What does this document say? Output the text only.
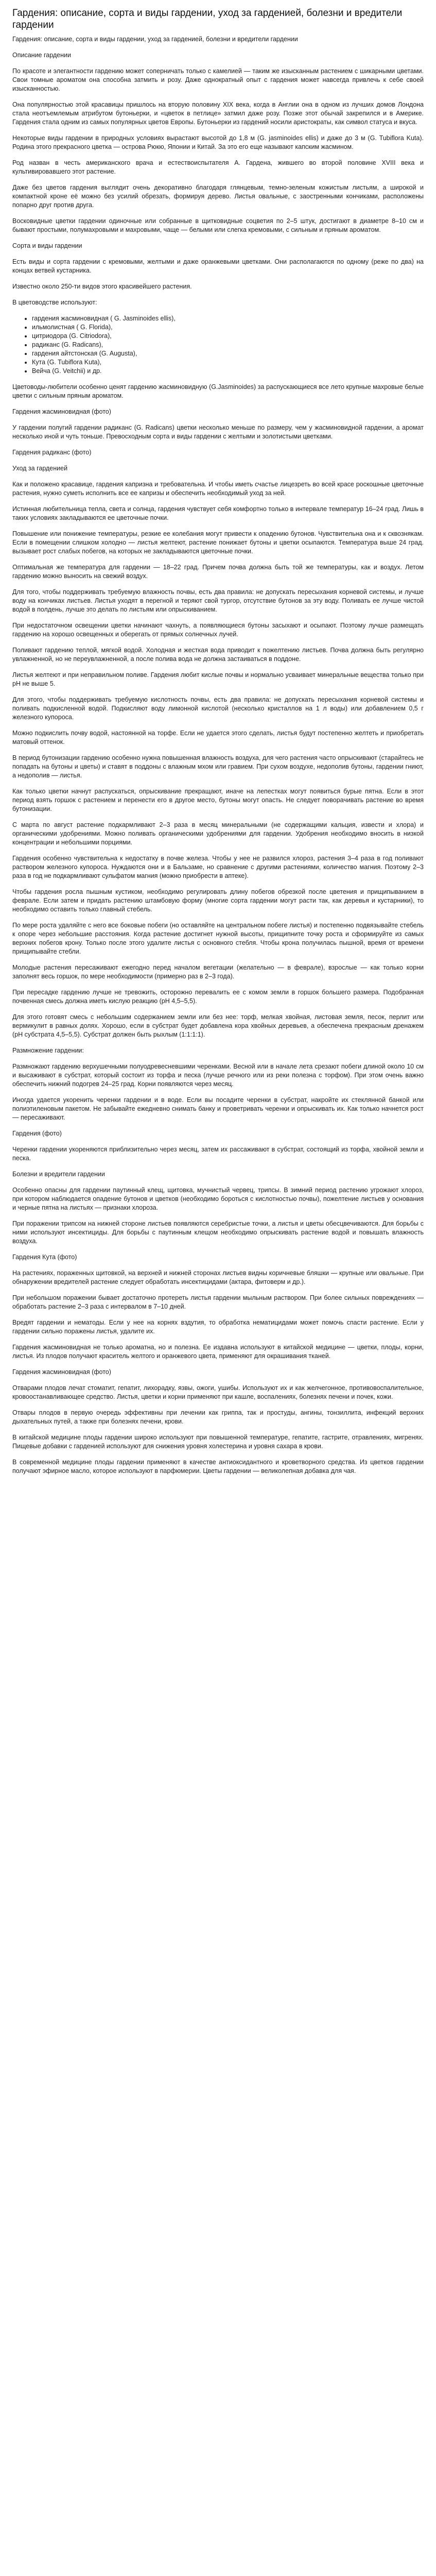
Гардения: описание, сорта и виды гардении, уход за гарденией, болезни и вредители гардении

Гардения: описание, сорта и виды гардении, уход за гарденией, болезни и вредители гардении

Описание гардении

По красоте и элегантности гардению может соперничать только с камелией — таким же изысканным растением с шикарными цветами. Свои томные ароматом она способна затмить и розу. Даже однократный опыт с гардения может навсегда привлечь к себе своей изысканностью.

Она популярностью этой красавицы пришлось на вторую половину XIX века, когда в Англии она в одном из лучших домов Лондона стала неотъемлемым атрибутом бутоньерки, и «цветок в петлице» затмил даже розу. Позже этот обычай закрепился и в Америке. Гардения стала одним из самых популярных цветов Европы. Бутоньерки из гардений носили аристократы, как символ статуса и вкуса.

Некоторые виды гардении в природных условиях вырастают высотой до 1,8 м (G. jasminoides ellis) и даже до 3 м (G. Tubiflora Kuta). Родина этого прекрасного цветка — острова Рюкю, Японии и Китай. За это его еще называют капским жасмином.

Род назван в честь американского врача и естествоиспытателя А. Гардена, жившего во второй половине XVIII века и культивировавшего этот растение.

Даже без цветов гардения выглядит очень декоративно благодаря глянцевым, темно-зеленым кожистым листьям, а широкой и компактной кроне её можно без усилий обрезать, формируя дерево. Листья овальные, с заостренными кончиками, расположены попарно друг против друга.

Восковидные цветки гардении одиночные или собранные в щитковидные соцветия по 2–5 штук, достигают в диаметре 8–10 см и бывают простыми, полумахровыми и махровыми, чаще — белыми или слегка кремовыми, с сильным и пряным ароматом.

Сорта и виды гардении

Есть виды и сорта гардении с кремовыми, желтыми и даже оранжевыми цветками. Они располагаются по одному (реже по два) на концах ветвей кустарника.

Известно около 250-ти видов этого красивейшего растения.

В цветоводстве используют:

• гардения жасминовидная ( G. Jasminoides ellis),
• ильмолистная ( G. Florida),
• цитриодора (G. Citriodora),
• радиканс (G. Radicans),
• гардения айтстонская (G. Augusta),
• Кута (G. Tubiflora Kuta),
• Вейча (G. Veitchii) и др.

Цветоводы-любители особенно ценят гардению жасминовидную (G.Jasminoides) за распускающиеся все лето крупные махровые белые цветки с сильным пряным ароматом.

Гардения жасминовидная (фото)

У гардении полугий гардении радиканс (G. Radicans) цветки несколько меньше по размеру, чем у жасминовидной гардении, а аромат несколько иной и чуть тоньше. Превосходным сорта и виды гардении с желтыми и золотистыми цветками.

Гардения радиканс (фото)

Уход за гарденией

Как и положено красавице, гардения капризна и требовательна. И чтобы иметь счастье лицезреть во всей красе роскошные цветочные растения, нужно суметь исполнить все ее капризы и обеспечить необходимый уход за ней.

Истинная любительница тепла, света и солнца, гардения чувствует себя комфортно только в интервале температур 16–24 град. Лишь в таких условиях закладываются ее цветочные почки.

Повышение или понижение температуры, резкие ее колебания могут привести к опадению бутонов. Чувствительна она и к сквознякам. Если в помещении слишком холодно — листья желтеют, растение понижает бутоны и цветки осыпаются. Температура выше 24 град. вызывает рост слабых побегов, на которых не закладываются цветочные почки.

Оптимальная же температура для гардении — 18–22 град. Причем почва должна быть той же температуры, как и воздух. Летом гардению можно выносить на свежий воздух.

Для того, чтобы поддерживать требуемую влажность почвы, есть два правила: не допускать пересыхания корневой системы, и лучше воду на кончиках листьев. Листья уходят в перегной и теряют свой тургор, отсутствие бутонов за эту воду. Поливать ее лучше чистой водой в полдень, лучше это делать по листьям или опрыскиванием.

При недостаточном освещении цветки начинают чахнуть, а появляющиеся бутоны засыхают и осыпают. Поэтому лучше размещать гардению на хорошо освещенных и оберегать от прямых солнечных лучей.

Поливают гардению теплой, мягкой водой. Холодная и жесткая вода приводит к пожелтению листьев. Почва должна быть регулярно увлажненной, но не переувлажненной, а после полива вода не должна застаиваться в поддоне.

Листья желтеют и при неправильном поливе. Гардения любит кислые почвы и нормально усваивает минеральные вещества только при pH не выше 5.

Для этого, чтобы поддерживать требуемую кислотность почвы, есть два правила: не допускать пересыхания корневой системы и поливать подкисленной водой. Подкисляют воду лимонной кислотой (несколько кристаллов на 1 л воды) или добавлением 0,5 г железного купороса.

Можно подкислить почву водой, настоянной на торфе. Если не удается этого сделать, листья будут постепенно желтеть и приобретать матовый оттенок.

В период бутонизации гардению особенно нужна повышенная влажность воздуха, для чего растения часто опрыскивают (старайтесь не попадать на бутоны и цветы) и ставят в поддоны с влажным мхом или гравием. При сухом воздухе, недополив бутоны, гардении гниют, а недополив — листья.

Как только цветки начнут распускаться, опрыскивание прекращают, иначе на лепестках могут появиться бурые пятна. Если в этот период взять горшок с растением и перенести его в другое место, бутоны могут опасть. Не следует поворачивать растение во время бутонизации.

С марта по август растение подкармливают 2–3 раза в месяц минеральными (не содержащими кальция, извести и хлора) и органическими удобрениями. Можно поливать органическими удобрениями для гардении. Удобрения необходимо вносить в низкой концентрации и небольшими порциями.

Гардения особенно чувствительна к недостатку в почве железа. Чтобы у нее не развился хлороз, растения 3–4 раза в год поливают раствором железного купороса. Нуждаются они и в Бальзаме, но сравнение с другими растениями, количество магния. Поэтому 2–3 раза в год не подкармливают сульфатом магния (можно приобрести в аптеке).

Чтобы гардения росла пышным кустиком, необходимо регулировать длину побегов обрезкой после цветения и прищипыванием в феврале. Если затем и придать растению штамбовую форму (многие сорта гардении могут расти так, как деревья и кустарники), то необходимо оставить только главный стебель.

По мере роста удаляйте с него все боковые побеги (но оставляйте на центральном побеге листья) и постепенно подвязывайте стебель к опоре через небольшие расстояния. Когда растение достигнет нужной высоты, прищипните точку роста и сформируйте из самых верхних побегов крону. Только после этого удалите листья с основного стебля. Чтобы крона получилась пышной, время от времени прищипывайте стебли.

Молодые растения пересаживают ежегодно перед началом вегетации (желательно — в феврале), взрослые — как только корни заполнят весь горшок, по мере необходимости (примерно раз в 2–3 года).

При пересадке гардению лучше не тревожить, осторожно перевалить ее с комом земли в горшок большего размера. Подобранная почвенная смесь должна иметь кислую реакцию (рН 4,5–5,5).

Для этого готовят смесь с небольшим содержанием земли или без нее: торф, мелкая хвойная, листовая земля, песок, перлит или вермикулит в равных долях. Хорошо, если в субстрат будет добавлена кора хвойных деревьев, а обеспечена прекрасным дренажем (рН субстрата 4,5–5,5). Субстрат должен быть рыхлым (1:1:1:1).

Размножение гардении:

Размножают гардению верхушечными полуодревесневшими черенками. Весной или в начале лета срезают побеги длиной около 10 см и высаживают в субстрат, который состоит из торфа и песка (лучше речного или из реки полезна с торфом). При этом очень важно обеспечить нижний подогрев 24–25 град. Корни появляются через месяц.

Иногда удается укоренить черенки гардении и в воде. Если вы посадите черенки в субстрат, накройте их стеклянной банкой или полиэтиленовым пакетом. Не забывайте ежедневно снимать банку и проветривать черенки и опрыскивать их. Как только начнется рост — пересаживают.

Гардения (фото)

Черенки гардении укореняются приблизительно через месяц, затем их рассаживают в субстрат, состоящий из торфа, хвойной земли и песка.

Болезни и вредители гардении

Особенно опасны для гардении паутинный клещ, щитовка, мучнистый червец, трипсы. В зимний период растению угрожают хлороз, при котором наблюдается опадение бутонов и цветков (необходимо бороться с кислотностью почвы), пожелтение листьев у основания и черные пятна на листьях — признаки хлороза.

При поражении трипсом на нижней стороне листьев появляются серебристые точки, а листья и цветы обесцвечиваются. Для борьбы с ними используют инсектициды. Для борьбы с паутинным клещом необходимо опрыскивать растение водой и повышать влажность воздуха.

Гардения Кута (фото)

На растениях, пораженных щитовкой, на верхней и нижней сторонах листьев видны коричневые бляшки — крупные или овальные. При обнаружении вредителей растение следует обработать инсектицидами (актара, фитоверм и др.).

При небольшом поражении бывает достаточно протереть листья гардении мыльным раствором. При более сильных повреждениях — обработать растение 2–3 раза с интервалом в 7–10 дней.

Вредят гардении и нематоды. Если у нее на корнях вздутия, то обработка нематицидами может помочь спасти растение. Если у гардении сильно поражены листья, удалите их.

Гардения жасминовидная не только ароматна, но и полезна. Ее издавна используют в китайской медицине — цветки, плоды, корни, листья. Из плодов получают краситель желтого и оранжевого цвета, применяют для окрашивания тканей.

Гардения жасминовидная (фото)

Отварами плодов лечат стоматит, гепатит, лихорадку, язвы, ожоги, ушибы. Используют их и как желчегонное, противовоспалительное, кровоостанавливающее средство. Листья, цветки и корни применяют при кашле, воспалениях, болезнях печени и почек, кожи.

Отвары плодов в первую очередь эффективны при лечении как гриппа, так и простуды, ангины, тонзиллита, инфекций верхних дыхательных путей, а также при болезнях печени, крови.

В китайской медицине плоды гардении широко используют при повышенной температуре, гепатите, гастрите, отравлениях, мигренях. Пищевые добавки с гарденией используют для снижения уровня холестерина и уровня сахара в крови.

В современной медицине плоды гардении применяют в качестве антиоксидантного и кроветворного средства. Из цветков гардении получают эфирное масло, которое используют в парфюмерии. Цветы гардении — великолепная добавка для чая.
